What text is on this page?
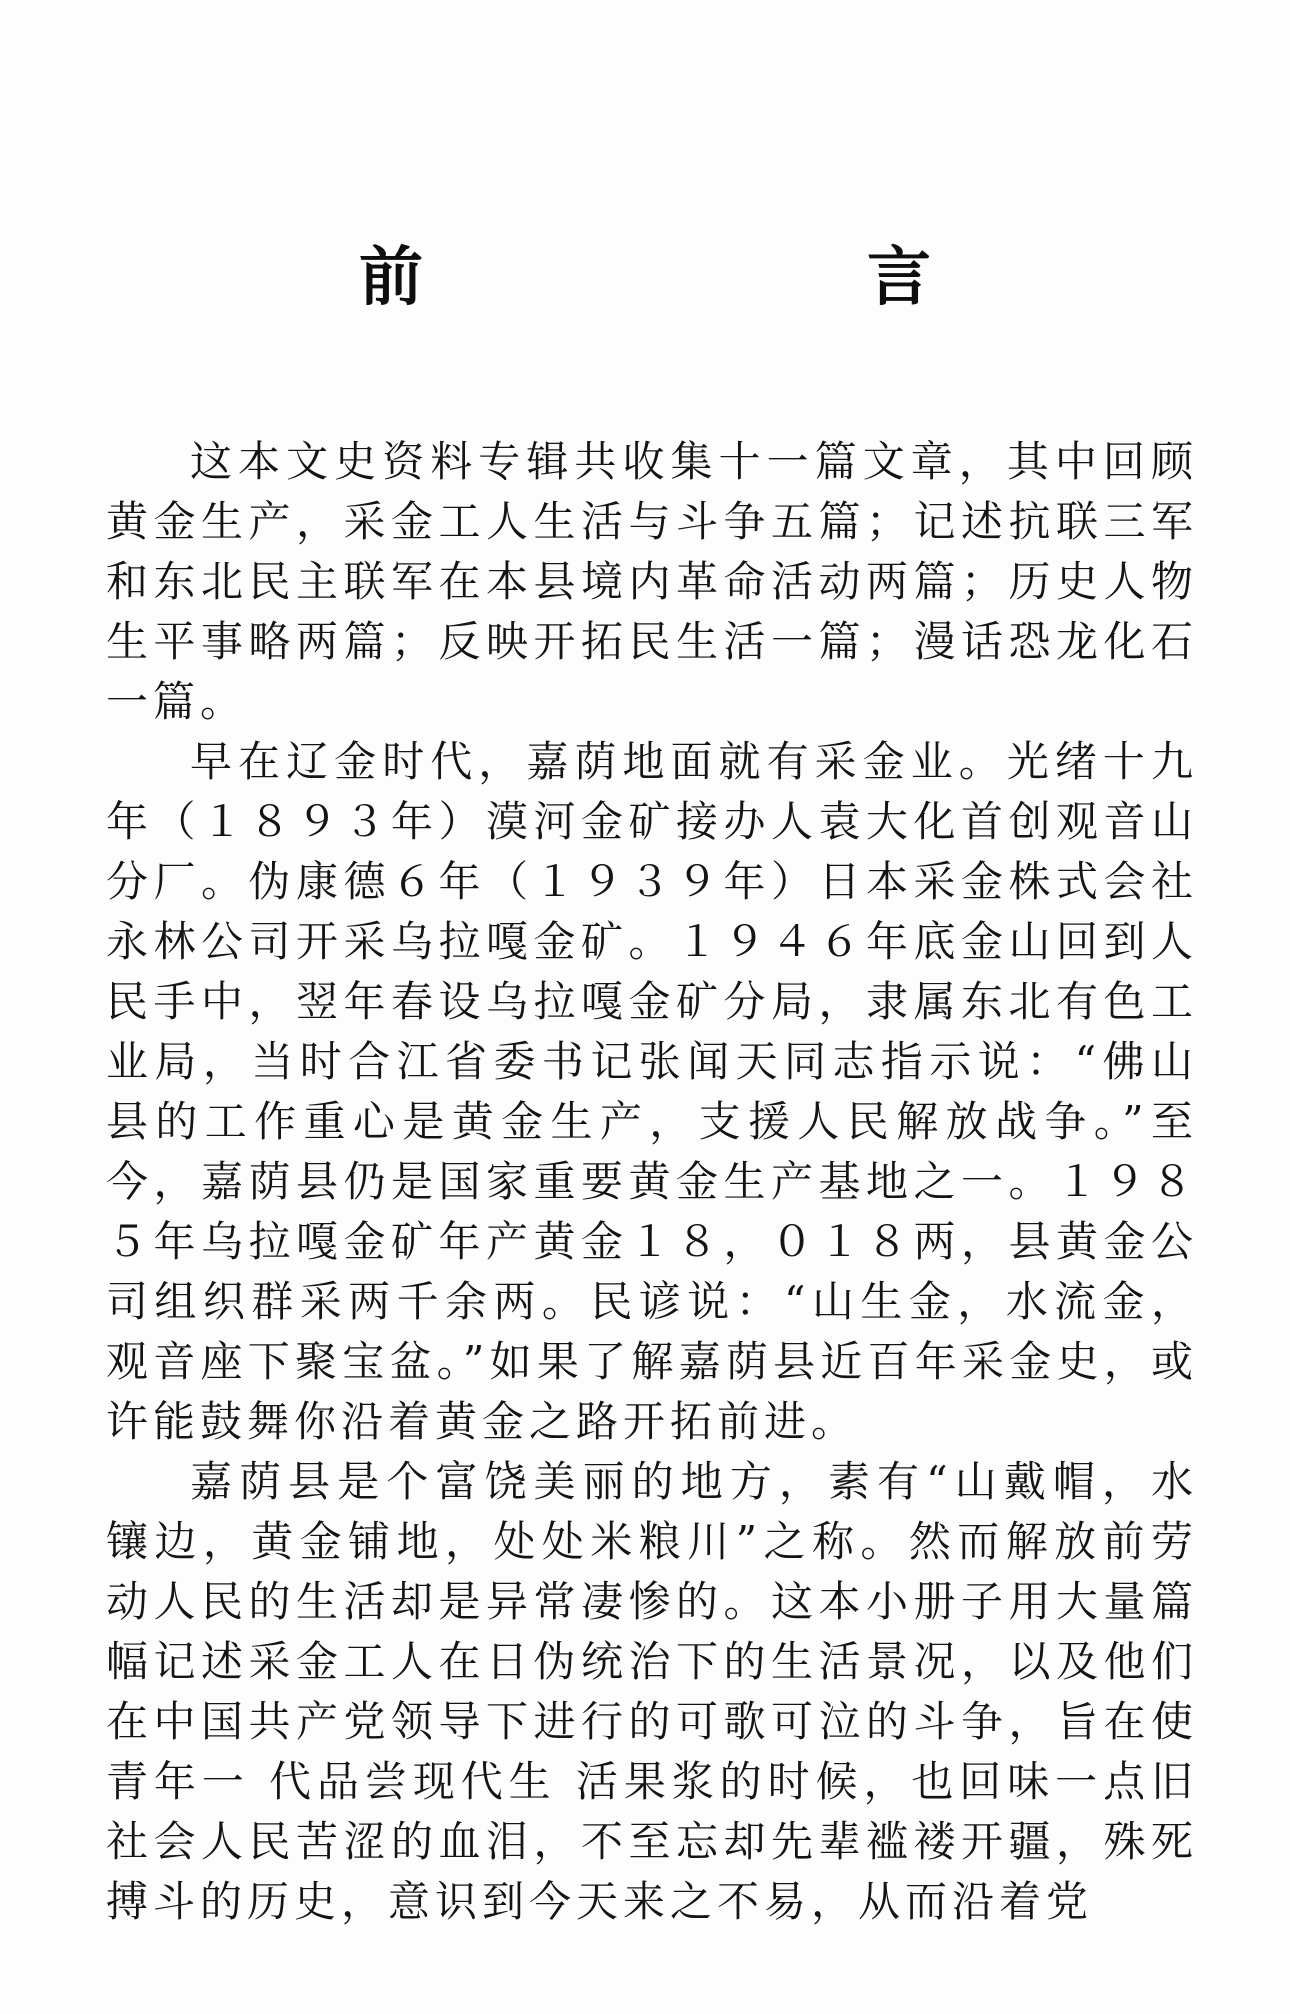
前　言

这本文史资料专辑共收集十一篇文章，其中回顾黄金生产，采金工人生活与斗争五篇；记述抗联三军和东北民主联军在本县境内革命活动两篇；历史人物生平事略两篇；反映开拓民生活一篇；漫话恐龙化石一篇。

早在辽金时代，嘉荫地面就有采金业。光绪十九年（１８９３年）漠河金矿接办人袁大化首创观音山分厂。伪康德６年（１９３９年）日本采金株式会社永林公司开采乌拉嘎金矿。１９４６年底金山回到人民手中，翌年春设乌拉嘎金矿分局，隶属东北有色工业局，当时合江省委书记张闻天同志指示说：“佛山县的工作重心是黄金生产，支援人民解放战争。”至今，嘉荫县仍是国家重要黄金生产基地之一。１９８５年乌拉嘎金矿年产黄金１８，０１８两，县黄金公司组织群采两千余两。民谚说：“山生金，水流金，观音座下聚宝盆。”如果了解嘉荫县近百年采金史，或许能鼓舞你沿着黄金之路开拓前进。

嘉荫县是个富饶美丽的地方，素有“山戴帽，水镶边，黄金铺地，处处米粮川”之称。然而解放前劳动人民的生活却是异常凄惨的。这本小册子用大量篇幅记述采金工人在日伪统治下的生活景况，以及他们在中国共产党领导下进行的可歌可泣的斗争，旨在使青年一 代品尝现代生 活果浆的时候，也回味一点旧社会人民苦涩的血泪，不至忘却先辈褴褛开疆，殊死搏斗的历史，意识到今天来之不易，从而沿着党
